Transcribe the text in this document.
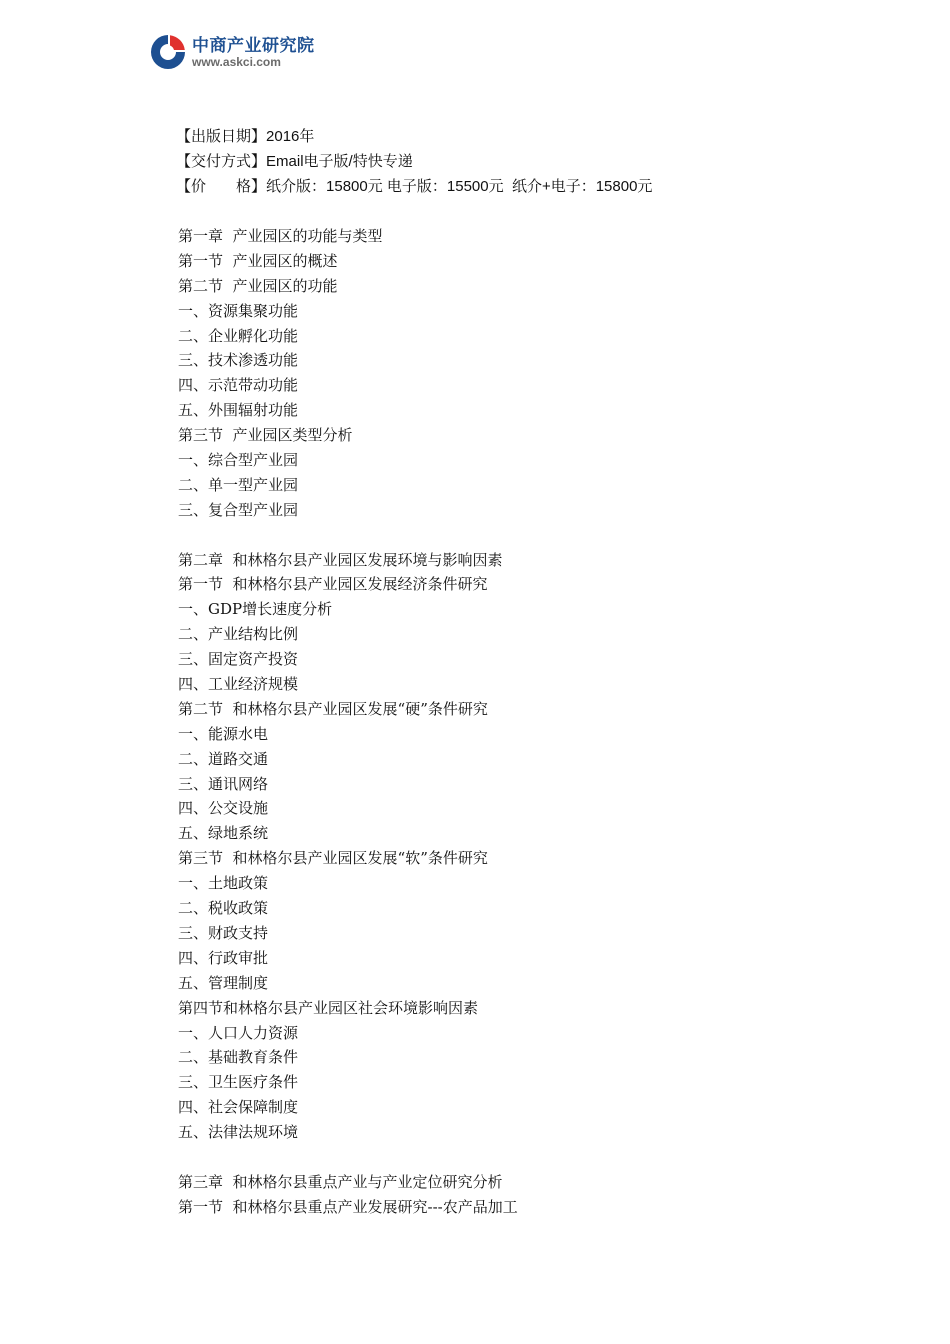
中商产业研究院
www.askci.com
【出版日期】2016年
【交付方式】Email电子版/特快专递
【价　　格】纸介版：15800元 电子版：15500元  纸介+电子：15800元
第一章  产业园区的功能与类型
第一节  产业园区的概述
第二节  产业园区的功能
一、资源集聚功能
二、企业孵化功能
三、技术渗透功能
四、示范带动功能
五、外围辐射功能
第三节  产业园区类型分析
一、综合型产业园
二、单一型产业园
三、复合型产业园
第二章  和林格尔县产业园区发展环境与影响因素
第一节  和林格尔县产业园区发展经济条件研究
一、GDP增长速度分析
二、产业结构比例
三、固定资产投资
四、工业经济规模
第二节  和林格尔县产业园区发展“硬”条件研究
一、能源水电
二、道路交通
三、通讯网络
四、公交设施
五、绿地系统
第三节  和林格尔县产业园区发展“软”条件研究
一、土地政策
二、税收政策
三、财政支持
四、行政审批
五、管理制度
第四节和林格尔县产业园区社会环境影响因素
一、人口人力资源
二、基础教育条件
三、卫生医疗条件
四、社会保障制度
五、法律法规环境
第三章  和林格尔县重点产业与产业定位研究分析
第一节  和林格尔县重点产业发展研究---农产品加工
